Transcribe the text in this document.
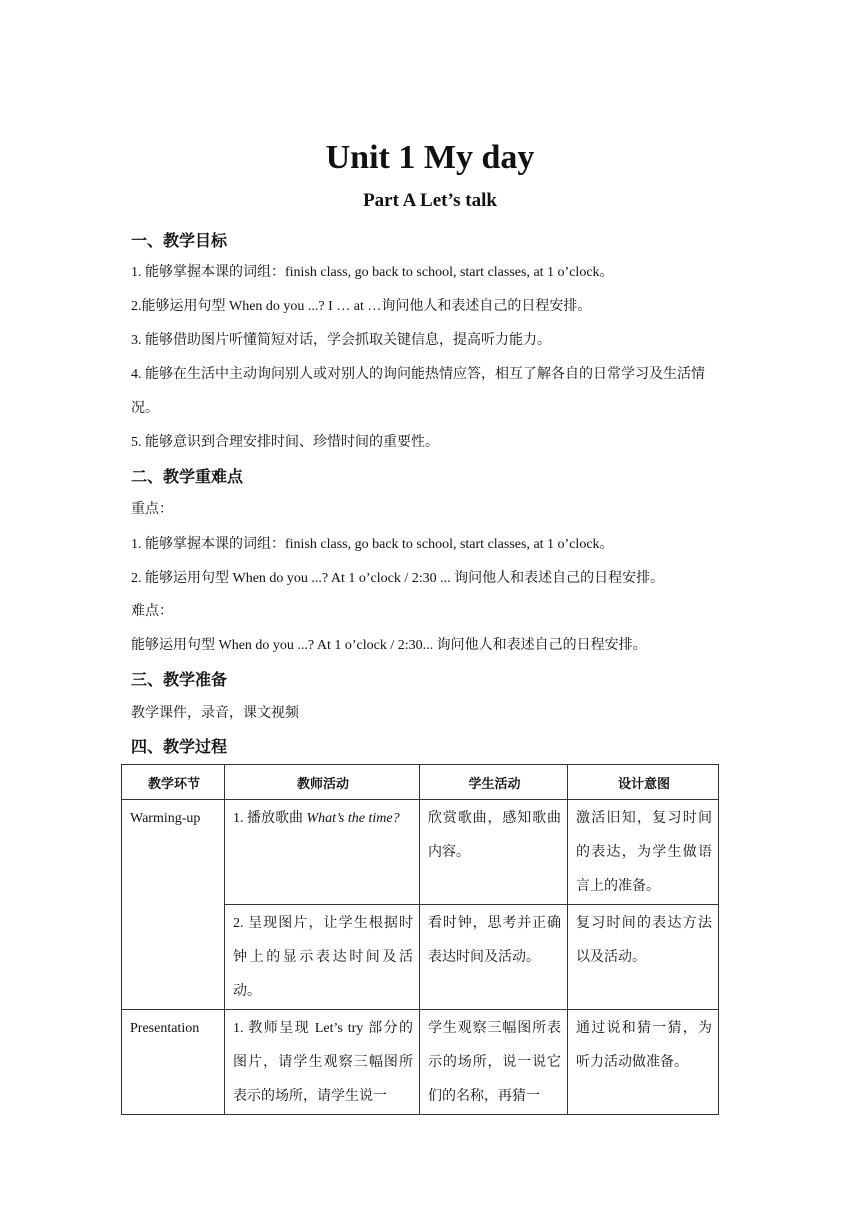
Unit 1 My day
Part A Let’s talk
一、教学目标
1. 能够掌握本课的词组：finish class, go back to school, start classes, at 1 o’clock。
2.能够运用句型 When do you ...? I … at …询问他人和表述自己的日程安排。
3. 能够借助图片听懂简短对话，学会抓取关键信息，提高听力能力。
4. 能够在生活中主动询问别人或对别人的询问能热情应答，相互了解各自的日常学习及生活情况。
5. 能够意识到合理安排时间、珍惜时间的重要性。
二、教学重难点
重点：
1. 能够掌握本课的词组：finish class, go back to school, start classes, at 1 o’clock。
2. 能够运用句型 When do you ...? At 1 o’clock / 2:30 ... 询问他人和表述自己的日程安排。
难点：
能够运用句型 When do you ...? At 1 o’clock / 2:30... 询问他人和表述自己的日程安排。
三、教学准备
教学课件，录音，课文视频
四、教学过程
教学环节	教师活动	学生活动	设计意图
Warming-up	1. 播放歌曲 What’s the time?	欣赏歌曲，感知歌曲内容。	激活旧知，复习时间的表达，为学生做语言上的准备。
	2. 呈现图片，让学生根据时钟上的显示表达时间及活动。	看时钟，思考并正确表达时间及活动。	复习时间的表达方法以及活动。
Presentation	1. 教师呈现 Let’s try 部分的图片，请学生观察三幅图所表示的场所，请学生说一	学生观察三幅图所表示的场所，说一说它们的名称，再猜一	通过说和猜一猜，为听力活动做准备。
